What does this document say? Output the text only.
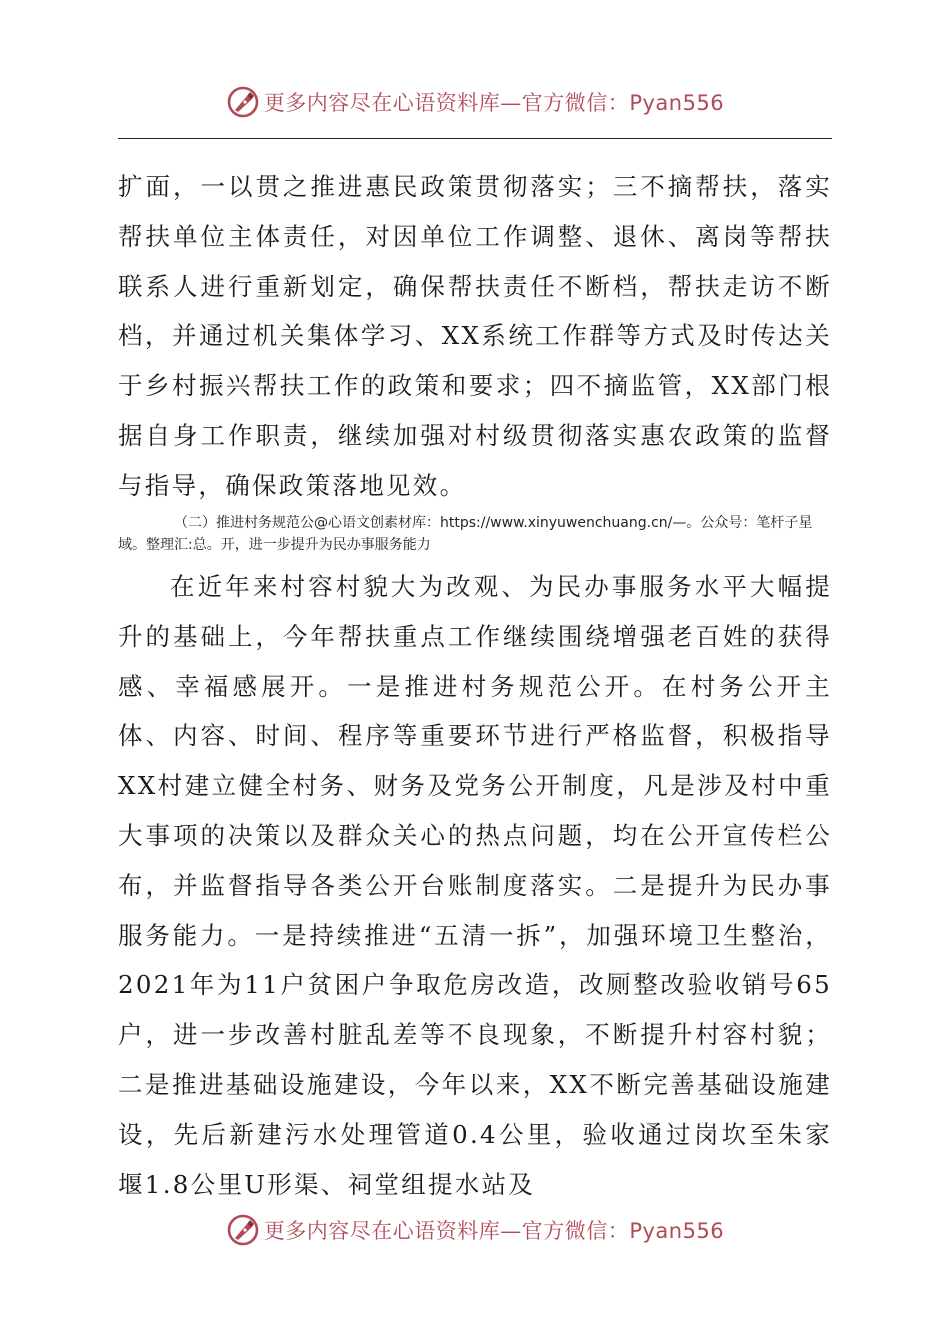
更多内容尽在心语资料库—官方微信：Pyan556

扩面，一以贯之推进惠民政策贯彻落实；三不摘帮扶，落实帮扶单位主体责任，对因单位工作调整、退休、离岗等帮扶联系人进行重新划定，确保帮扶责任不断档，帮扶走访不断档，并通过机关集体学习、XX系统工作群等方式及时传达关于乡村振兴帮扶工作的政策和要求；四不摘监管，XX部门根据自身工作职责，继续加强对村级贯彻落实惠农政策的监督与指导，确保政策落地见效。

（二）推进村务规范公@心语文创素材库：https://www.xinyuwenchuang.cn/—。公众号：笔杆子星域。整理汇:总。开，进一步提升为民办事服务能力

在近年来村容村貌大为改观、为民办事服务水平大幅提升的基础上，今年帮扶重点工作继续围绕增强老百姓的获得感、幸福感展开。一是推进村务规范公开。在村务公开主体、内容、时间、程序等重要环节进行严格监督，积极指导XX村建立健全村务、财务及党务公开制度，凡是涉及村中重大事项的决策以及群众关心的热点问题，均在公开宣传栏公布，并监督指导各类公开台账制度落实。二是提升为民办事服务能力。一是持续推进“五清一拆”，加强环境卫生整治，2021年为11户贫困户争取危房改造，改厕整改验收销号65户，进一步改善村脏乱差等不良现象，不断提升村容村貌；二是推进基础设施建设，今年以来，XX不断完善基础设施建设，先后新建污水处理管道0.4公里，验收通过岗坎至朱家堰1.8公里U形渠、祠堂组提水站及

更多内容尽在心语资料库—官方微信：Pyan556
